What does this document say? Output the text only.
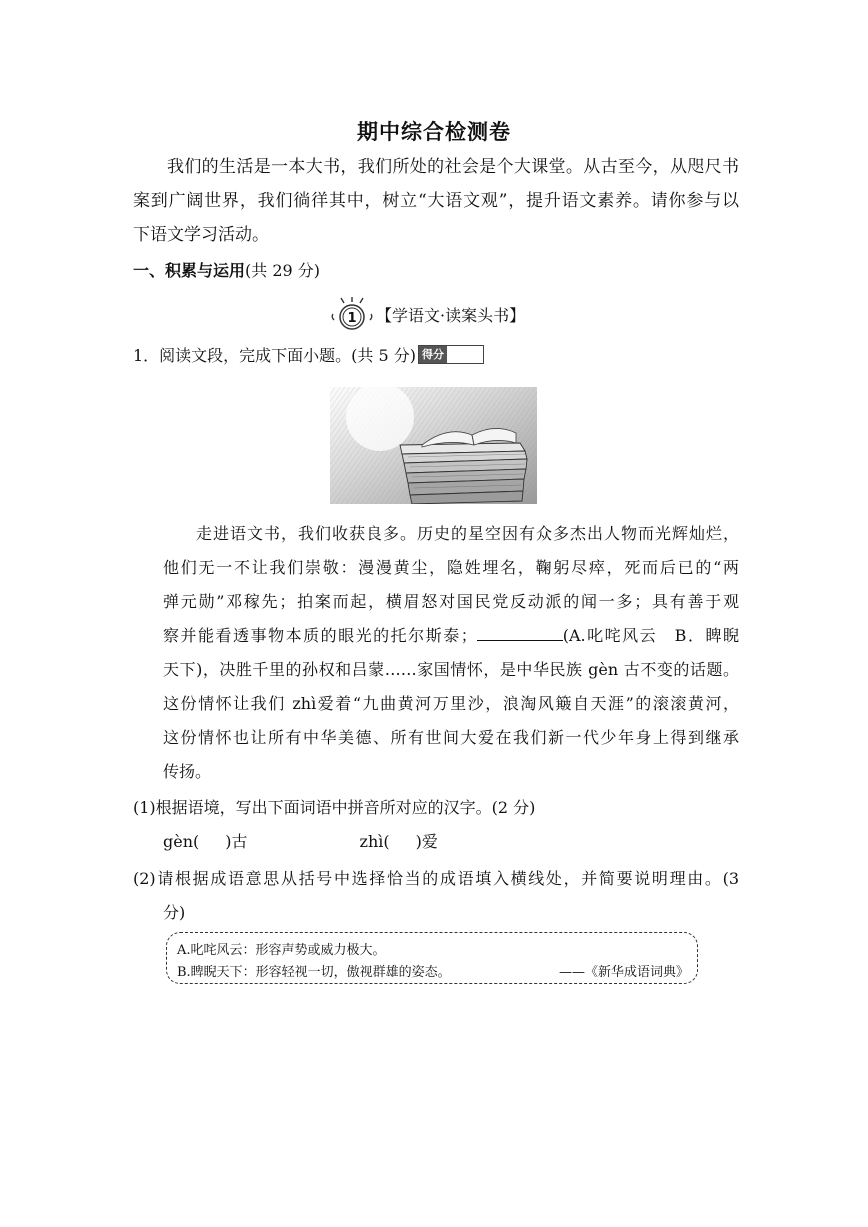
期中综合检测卷

我们的生活是一本大书，我们所处的社会是个大课堂。从古至今，从咫尺书

案到广阔世界，我们徜徉其中，树立“大语文观”，提升语文素养。请你参与以

下语文学习活动。

一、积累与运用(共 29 分)
1 【学语文·读案头书】
1．阅读文段，完成下面小题。(共 5 分) 得分

走进语文书，我们收获良多。历史的星空因有众多杰出人物而光辉灿烂，

他们无一不让我们崇敬：漫漫黄尘，隐姓埋名，鞠躬尽瘁，死而后已的“两

弹元勋”邓稼先；拍案而起，横眉怒对国民党反动派的闻一多；具有善于观

察并能看透事物本质的眼光的托尔斯泰；	(A.叱咤风云　B．睥睨

天下)，决胜千里的孙权和吕蒙……家国情怀，是中华民族 gèn 古不变的话题。

这份情怀让我们 zhì爱着“九曲黄河万里沙，浪淘风簸自天涯”的滚滚黄河，

这份情怀也让所有中华美德、所有世间大爱在我们新一代少年身上得到继承

传扬。

(1)根据语境，写出下面词语中拼音所对应的汉字。(2 分)
gèn( )古	zhì( )爱

(2)请根据成语意思从括号中选择恰当的成语填入横线处，并简要说明理由。(3

分)

A.叱咤风云：形容声势或威力极大。
B.睥睨天下：形容轻视一切，傲视群雄的姿态。	——《新华成语词典》
